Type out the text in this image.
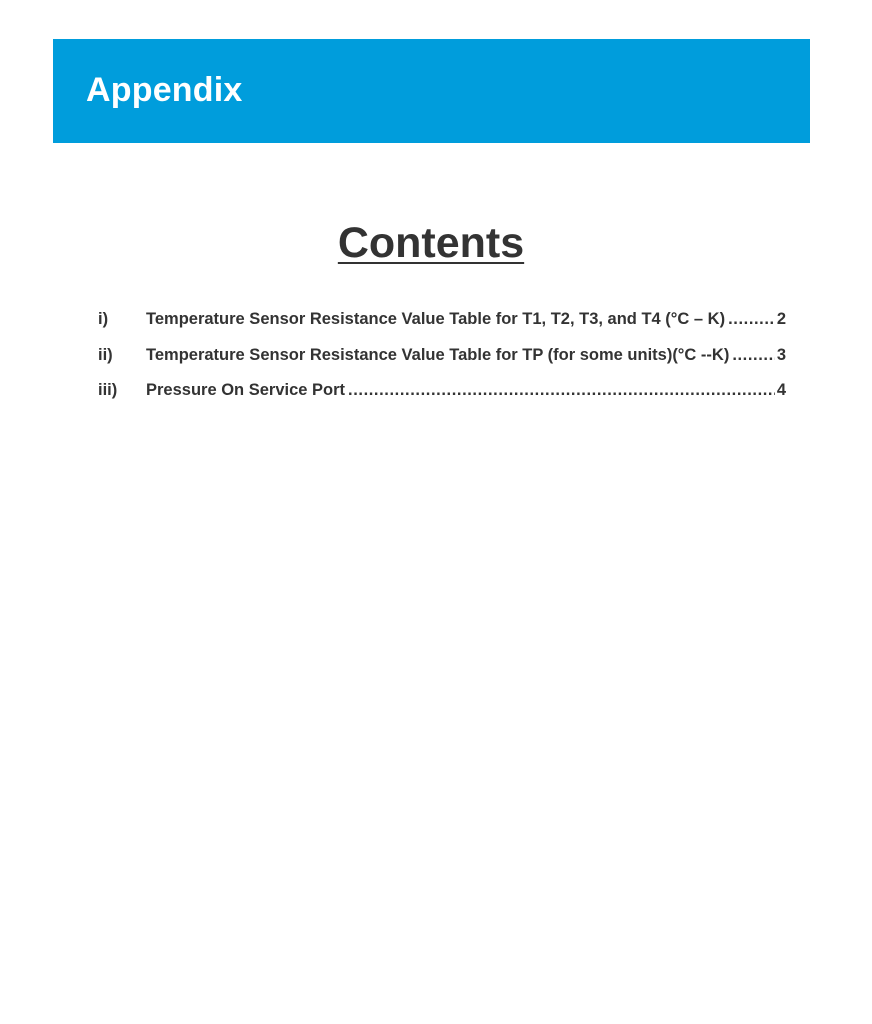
Appendix
Contents
i)	Temperature Sensor Resistance Value Table for T1, T2, T3, and T4 (°C – K) .....	2
ii)	Temperature Sensor Resistance Value Table for TP (for some units)(°C --K) .....	3
iii)	Pressure On Service Port .....	4
